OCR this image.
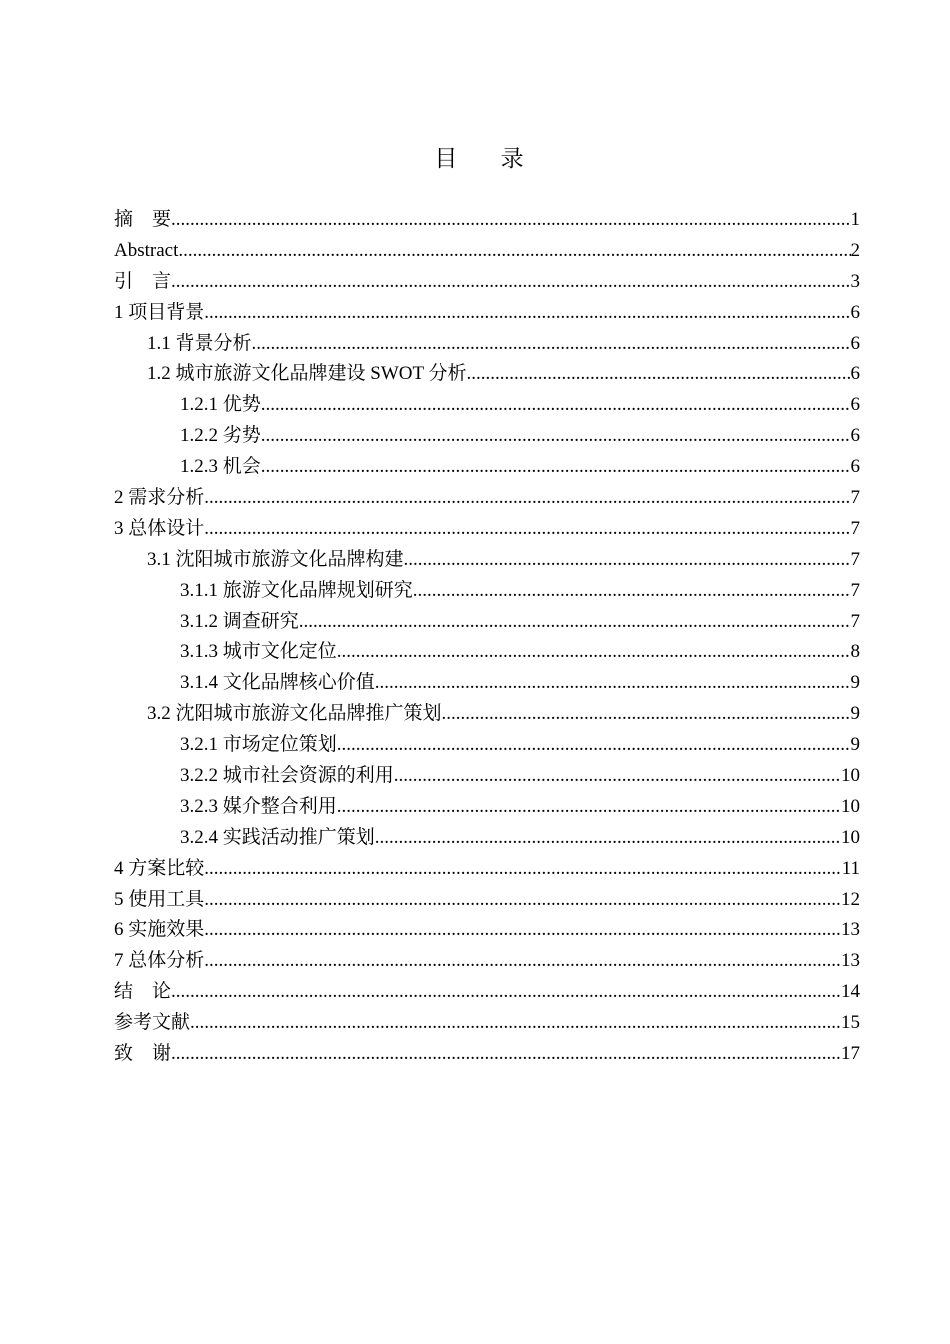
目 录
摘　要 .....	1
Abstract .....	2
引　言 .....	3
1 项目背景 .....	6
1.1 背景分析 .....	6
1.2 城市旅游文化品牌建设 SWOT 分析 .....	6
1.2.1 优势 .....	6
1.2.2 劣势 .....	6
1.2.3 机会 .....	6
2 需求分析 .....	7
3 总体设计 .....	7
3.1 沈阳城市旅游文化品牌构建 .....	7
3.1.1 旅游文化品牌规划研究 .....	7
3.1.2 调查研究 .....	7
3.1.3 城市文化定位 .....	8
3.1.4 文化品牌核心价值 .....	9
3.2 沈阳城市旅游文化品牌推广策划 .....	9
3.2.1 市场定位策划 .....	9
3.2.2 城市社会资源的利用 .....	10
3.2.3 媒介整合利用 .....	10
3.2.4 实践活动推广策划 .....	10
4 方案比较 .....	11
5 使用工具 .....	12
6 实施效果 .....	13
7 总体分析 .....	13
结　论 .....	14
参考文献 .....	15
致　谢 .....	17
